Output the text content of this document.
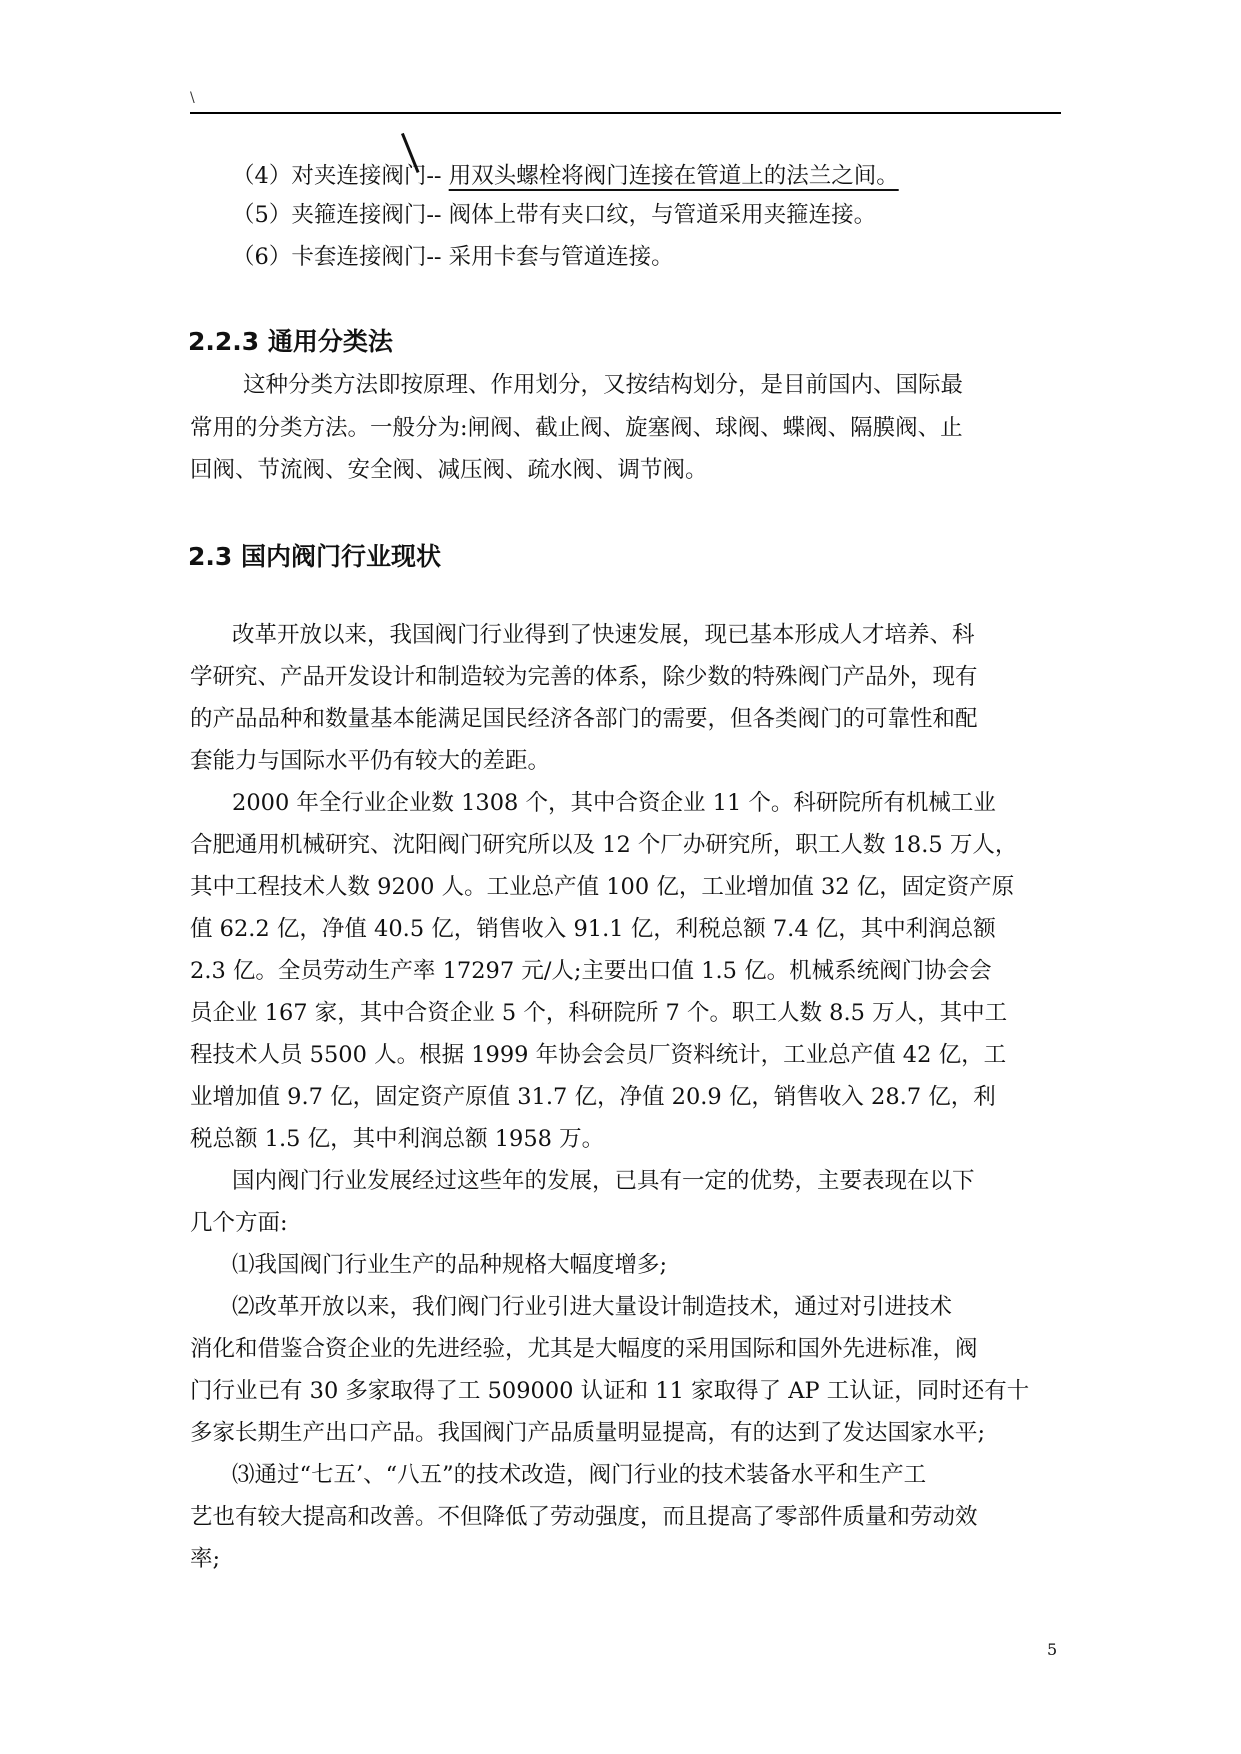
\
（4）对夹连接阀门-- 用双头螺栓将阀门连接在管道上的法兰之间。
（5）夹箍连接阀门-- 阀体上带有夹口纹，与管道采用夹箍连接。
（6）卡套连接阀门-- 采用卡套与管道连接。
2.2.3 通用分类法
这种分类方法即按原理、作用划分，又按结构划分，是目前国内、国际最
常用的分类方法。一般分为:闸阀、截止阀、旋塞阀、球阀、蝶阀、隔膜阀、止
回阀、节流阀、安全阀、减压阀、疏水阀、调节阀。
2.3 国内阀门行业现状
改革开放以来，我国阀门行业得到了快速发展，现已基本形成人才培养、科
学研究、产品开发设计和制造较为完善的体系，除少数的特殊阀门产品外，现有
的产品品种和数量基本能满足国民经济各部门的需要，但各类阀门的可靠性和配
套能力与国际水平仍有较大的差距。
2000 年全行业企业数 1308 个，其中合资企业 11 个。科研院所有机械工业
合肥通用机械研究、沈阳阀门研究所以及 12 个厂办研究所，职工人数 18.5 万人，
其中工程技术人数 9200 人。工业总产值 100 亿，工业增加值 32 亿，固定资产原
值 62.2 亿，净值 40.5 亿，销售收入 91.1 亿，利税总额 7.4 亿，其中利润总额
2.3 亿。全员劳动生产率 17297 元/人;主要出口值 1.5 亿。机械系统阀门协会会
员企业 167 家，其中合资企业 5 个，科研院所 7 个。职工人数 8.5 万人，其中工
程技术人员 5500 人。根据 1999 年协会会员厂资料统计，工业总产值 42 亿，工
业增加值 9.7 亿，固定资产原值 31.7 亿，净值 20.9 亿，销售收入 28.7 亿，利
税总额 1.5 亿，其中利润总额 1958 万。
国内阀门行业发展经过这些年的发展，已具有一定的优势，主要表现在以下
几个方面:
⑴我国阀门行业生产的品种规格大幅度增多;
⑵改革开放以来，我们阀门行业引进大量设计制造技术，通过对引进技术
消化和借鉴合资企业的先进经验，尤其是大幅度的采用国际和国外先进标准，阀
门行业已有 30 多家取得了工 509000 认证和 11 家取得了 AP 工认证，同时还有十
多家长期生产出口产品。我国阀门产品质量明显提高，有的达到了发达国家水平;
⑶通过“七五’、“八五”的技术改造，阀门行业的技术装备水平和生产工
艺也有较大提高和改善。不但降低了劳动强度，而且提高了零部件质量和劳动效
率;
5
